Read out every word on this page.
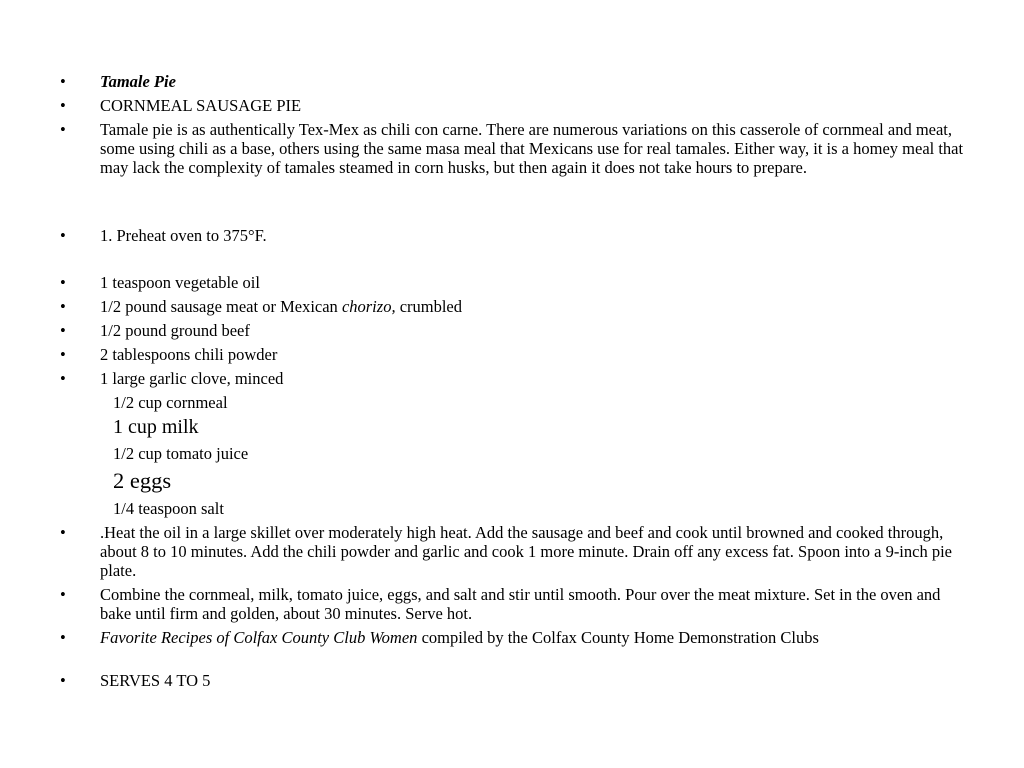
•	Tamale Pie
•	CORNMEAL SAUSAGE PIE
•	Tamale pie is as authentically Tex-Mex as chili con carne. There are numerous variations on this casserole of cornmeal and meat, some using chili as a base, others using the same masa meal that Mexicans use for real tamales. Either way, it is a homey meal that may lack the complexity of tamales steamed in corn husks, but then again it does not take hours to prepare.
•	1. Preheat oven to 375°F.
•	1 teaspoon vegetable oil
•	1/2 pound sausage meat or Mexican chorizo, crumbled
•	1/2 pound ground beef
•	2 tablespoons chili powder
•	1 large garlic clove, minced
1/2 cup cornmeal
1 cup milk
1/2 cup tomato juice
2 eggs
1/4 teaspoon salt
•	.Heat the oil in a large skillet over moderately high heat. Add the sausage and beef and cook until browned and cooked through, about 8 to 10 minutes. Add the chili powder and garlic and cook 1 more minute. Drain off any excess fat. Spoon into a 9-inch pie plate.
•	Combine the cornmeal, milk, tomato juice, eggs, and salt and stir until smooth. Pour over the meat mixture. Set in the oven and bake until firm and golden, about 30 minutes. Serve hot.
•	Favorite Recipes of Colfax County Club Women compiled by the Colfax County Home Demonstration Clubs
•	SERVES 4 TO 5
